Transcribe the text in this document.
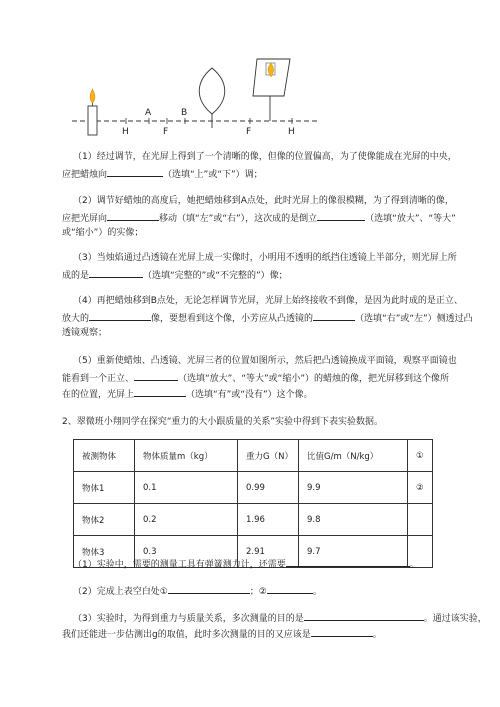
H
A
F
B
F	H
（1）经过调节，在光屏上得到了一个清晰的像，但像的位置偏高，为了使像能成在光屏的中央，
应把蜡烛向	（选填“上”或“下”）调；
（2）调节好蜡烛的高度后，她把蜡烛移到A点处，此时光屏上的像很模糊，为了得到清晰的像，
应把光屏向	移动（填“左”或“右”），这次成的是倒立	（选填“放大”、“等大”
或“缩小”）的实像；
（3）当烛焰通过凸透镜在光屏上成一实像时，小明用不透明的纸挡住透镜上半部分，则光屏上所
成的是	（选填“完整的”或“不完整的”）像；
（4）再把蜡烛移到B点处，无论怎样调节光屏，光屏上始终接收不到像，是因为此时成的是正立、
放大的	像，要想看到这个像，小芳应从凸透镜的	（选填“右”或“左”）侧透过凸
透镜观察；
（5）重新使蜡烛、凸透镜、光屏三者的位置如图所示，然后把凸透镜换成平面镜，观察平面镜也
能看到一个正立、	（选填“放大”、“等大”或“缩小”）的蜡烛的像，把光屏移到这个像所
在的位置，光屏上	（选填“有”或“没有”）这个像。
2、翠微班小翔同学在探究“重力的大小跟质量的关系”实验中得到下表实验数据。
被测物体	物体质量m（kg）	重力G（N）	比值G/m（N/kg）	①
物体1	0.1	0.99	9.9	②
物体2	0.2	1.96	9.8	
物体3	0.3	2.91	9.7	
（1）实验中，需要的测量工具有弹簧测力计，还需要	。
（2）完成上表空白处①	；②	。
（3）实验时，为得到重力与质量关系，多次测量的目的是	。通过该实验，
我们还能进一步估测出g的取值，此时多次测量的目的又应该是	。
